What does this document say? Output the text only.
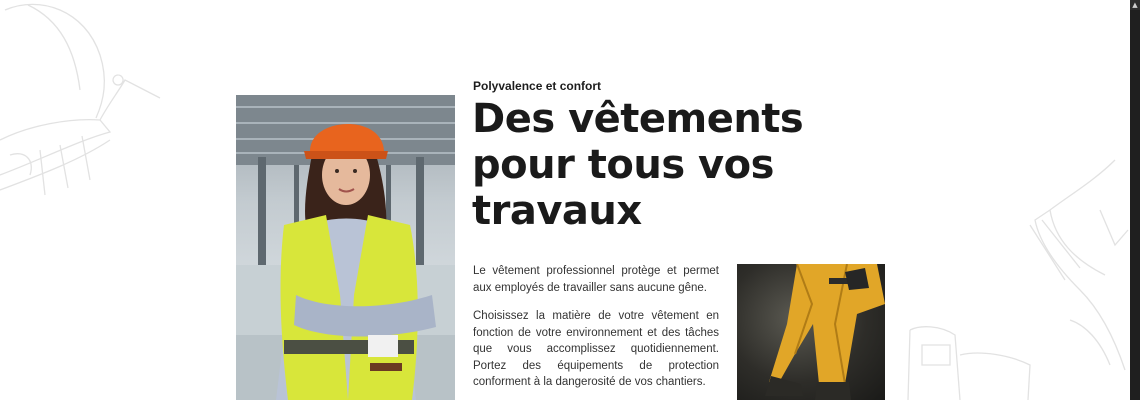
Polyvalence et confort
Des vêtements pour tous vos travaux

Le vêtement professionnel protège et permet aux employés de travailler sans aucune gêne.

Choisissez la matière de votre vêtement en fonction de votre environnement et des tâches que vous accomplissez quotidiennement. Portez des équipements de protection conforment à la dangerosité de vos chantiers.

▲
